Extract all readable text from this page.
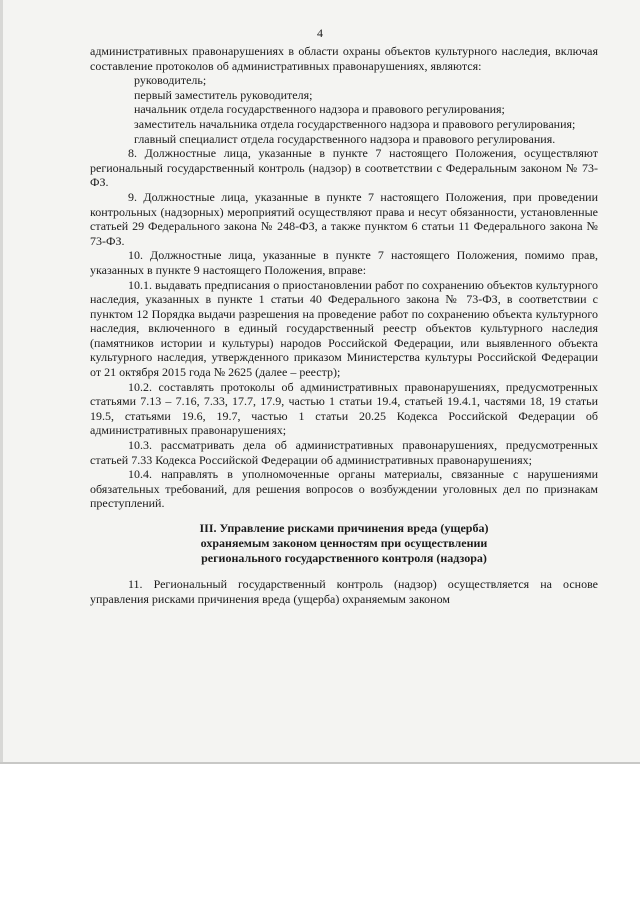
4

административных правонарушениях в области охраны объектов культурного наследия, включая составление протоколов об административных правонарушениях, являются:

руководитель;

первый заместитель руководителя;

начальник отдела государственного надзора и правового регулирования;

заместитель начальника отдела государственного надзора и правового регулирования;

главный специалист отдела государственного надзора и правового регулирования.

8. Должностные лица, указанные в пункте 7 настоящего Положения, осуществляют региональный государственный контроль (надзор) в соответствии с Федеральным законом № 73-ФЗ.

9. Должностные лица, указанные в пункте 7 настоящего Положения, при проведении контрольных (надзорных) мероприятий осуществляют права и несут обязанности, установленные статьей 29 Федерального закона № 248-ФЗ, а также пунктом 6 статьи 11 Федерального закона № 73-ФЗ.

10. Должностные лица, указанные в пункте 7 настоящего Положения, помимо прав, указанных в пункте 9 настоящего Положения, вправе:

10.1. выдавать предписания о приостановлении работ по сохранению объектов культурного наследия, указанных в пункте 1 статьи 40 Федерального закона № 73-ФЗ, в соответствии с пунктом 12 Порядка выдачи разрешения на проведение работ по сохранению объекта культурного наследия, включенного в единый государственный реестр объектов культурного наследия (памятников истории и культуры) народов Российской Федерации, или выявленного объекта культурного наследия, утвержденного приказом Министерства культуры Российской Федерации от 21 октября 2015 года № 2625 (далее – реестр);

10.2. составлять протоколы об административных правонарушениях, предусмотренных статьями 7.13 – 7.16, 7.33, 17.7, 17.9, частью 1 статьи 19.4, статьей 19.4.1, частями 18, 19 статьи 19.5, статьями 19.6, 19.7, частью 1 статьи 20.25 Кодекса Российской Федерации об административных правонарушениях;

10.3. рассматривать дела об административных правонарушениях, предусмотренных статьей 7.33 Кодекса Российской Федерации об административных правонарушениях;

10.4. направлять в уполномоченные органы материалы, связанные с нарушениями обязательных требований, для решения вопросов о возбуждении уголовных дел по признакам преступлений.

III. Управление рисками причинения вреда (ущерба)
охраняемым законом ценностям при осуществлении
регионального государственного контроля (надзора)

11. Региональный государственный контроль (надзор) осуществляется на основе управления рисками причинения вреда (ущерба) охраняемым законом
